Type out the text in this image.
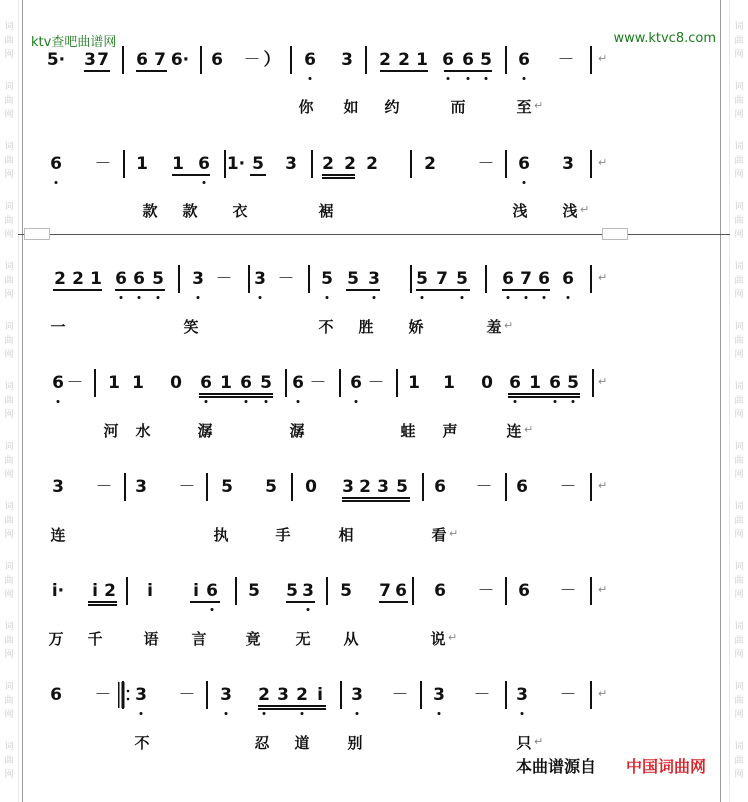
词
曲
网
词
曲
网
词
曲
网
词
曲
网
词
曲
网
词
曲
网
词
曲
网
词
曲
网
词
曲
网
词
曲
网
词
曲
网
词
曲
网
词
曲
网
词
曲
网
词
曲
网
词
曲
网
词
曲
网
词
曲
网
词
曲
网
词
曲
网
词
曲
网
词
曲
网
词
曲
网
词
曲
网
词
曲
网
词
曲
网
ktv查吧曲谱网	www.ktvc8.com
5· 3 7 6 7 6· 6 － ） 6 3 2 2 1 6 6 5 6 － ↵
你 如 约	而	至 ↵
6 － 1 1 6 1· 5 3 2 2 2	2 － 6 3 ↵
款 款 衣	裾	浅 浅 ↵
2 2 1 6 6 5 3 － 3 － 5 5 3 5 7 5 6 7 6 6 ↵
一	笑	不 胜 娇	羞 ↵
6 － 1 1 0 6 1 6 5 6 － 6 － 1 1 0 6 1 6 5 ↵
河 水	潺	潺	蛙 声	连 ↵
3 － 3 － 5 5 0 3 2 3 5 6 － 6 － ↵
连	执	手	相	看 ↵
i· i 2 i i 6 5 5 3 5 7 6 6 － 6 － ↵
万 千	语 言	竟 无 从	说 ↵
6 － 3 － 3 2 3 2 i 3 － 3 － 3 － ↵
不	忍 道	别	只 ↵
本曲谱源自 中国词曲网
